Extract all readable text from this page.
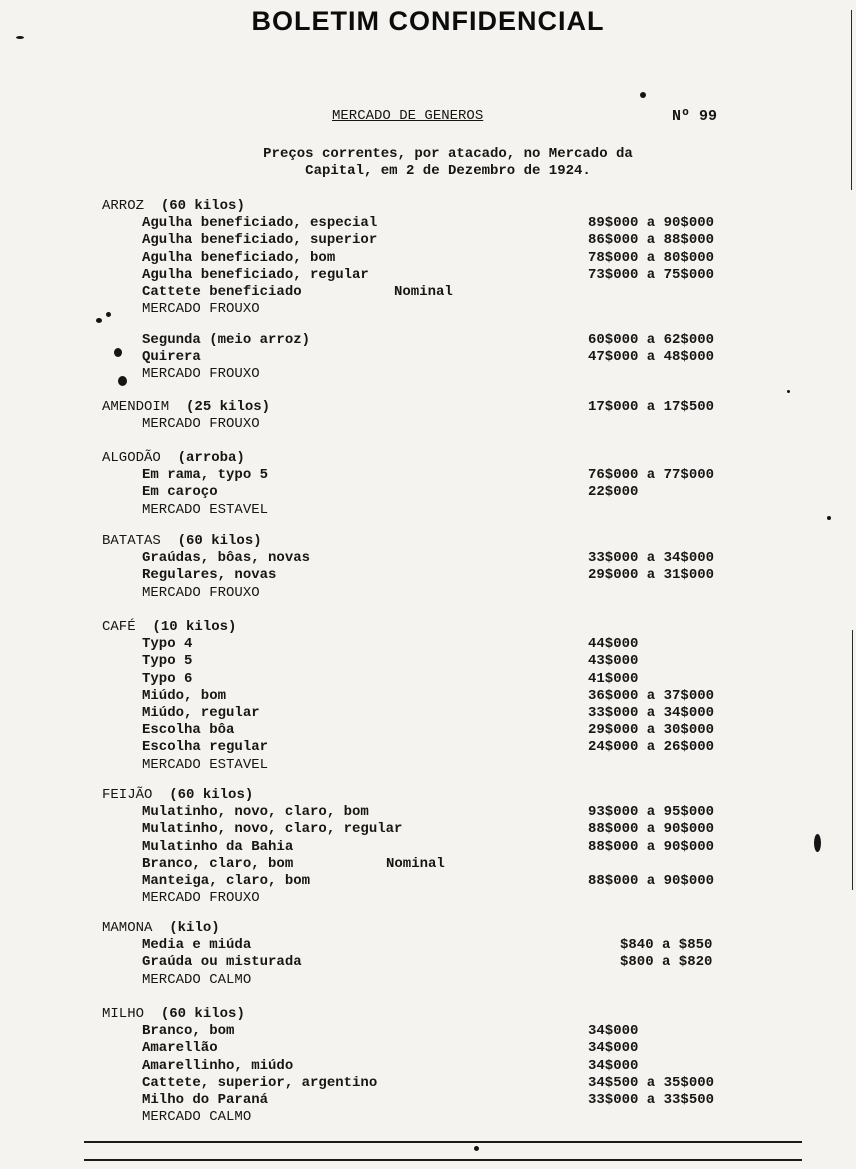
BOLETIM CONFIDENCIAL
MERCADO DE GENEROS	Nº 99
Preços correntes, por atacado, no Mercado da
Capital, em 2 de Dezembro de 1924.
ARROZ (60 kilos)
Agulha beneficiado, especial	89$000 a 90$000
Agulha beneficiado, superior	86$000 a 88$000
Agulha beneficiado, bom	78$000 a 80$000
Agulha beneficiado, regular	73$000 a 75$000
Cattete beneficiado	Nominal
MERCADO FROUXO
Segunda (meio arroz)	60$000 a 62$000
Quirera	47$000 a 48$000
MERCADO FROUXO
AMENDOIM (25 kilos)	17$000 a 17$500
MERCADO FROUXO
ALGODÃO (arroba)
Em rama, typo 5	76$000 a 77$000
Em caroço	22$000
MERCADO ESTAVEL
BATATAS (60 kilos)
Graúdas, bôas, novas	33$000 a 34$000
Regulares, novas	29$000 a 31$000
MERCADO FROUXO
CAFÉ (10 kilos)
Typo 4	44$000
Typo 5	43$000
Typo 6	41$000
Miúdo, bom	36$000 a 37$000
Miúdo, regular	33$000 a 34$000
Escolha bôa	29$000 a 30$000
Escolha regular	24$000 a 26$000
MERCADO ESTAVEL
FEIJÃO (60 kilos)
Mulatinho, novo, claro, bom	93$000 a 95$000
Mulatinho, novo, claro, regular	88$000 a 90$000
Mulatinho da Bahia	88$000 a 90$000
Branco, claro, bom	Nominal
Manteiga, claro, bom	88$000 a 90$000
MERCADO FROUXO
MAMONA (kilo)
Media e miúda	$840 a $850
Graúda ou misturada	$800 a $820
MERCADO CALMO
MILHO (60 kilos)
Branco, bom	34$000
Amarellão	34$000
Amarellinho, miúdo	34$000
Cattete, superior, argentino	34$500 a 35$000
Milho do Paraná	33$000 a 33$500
MERCADO CALMO
